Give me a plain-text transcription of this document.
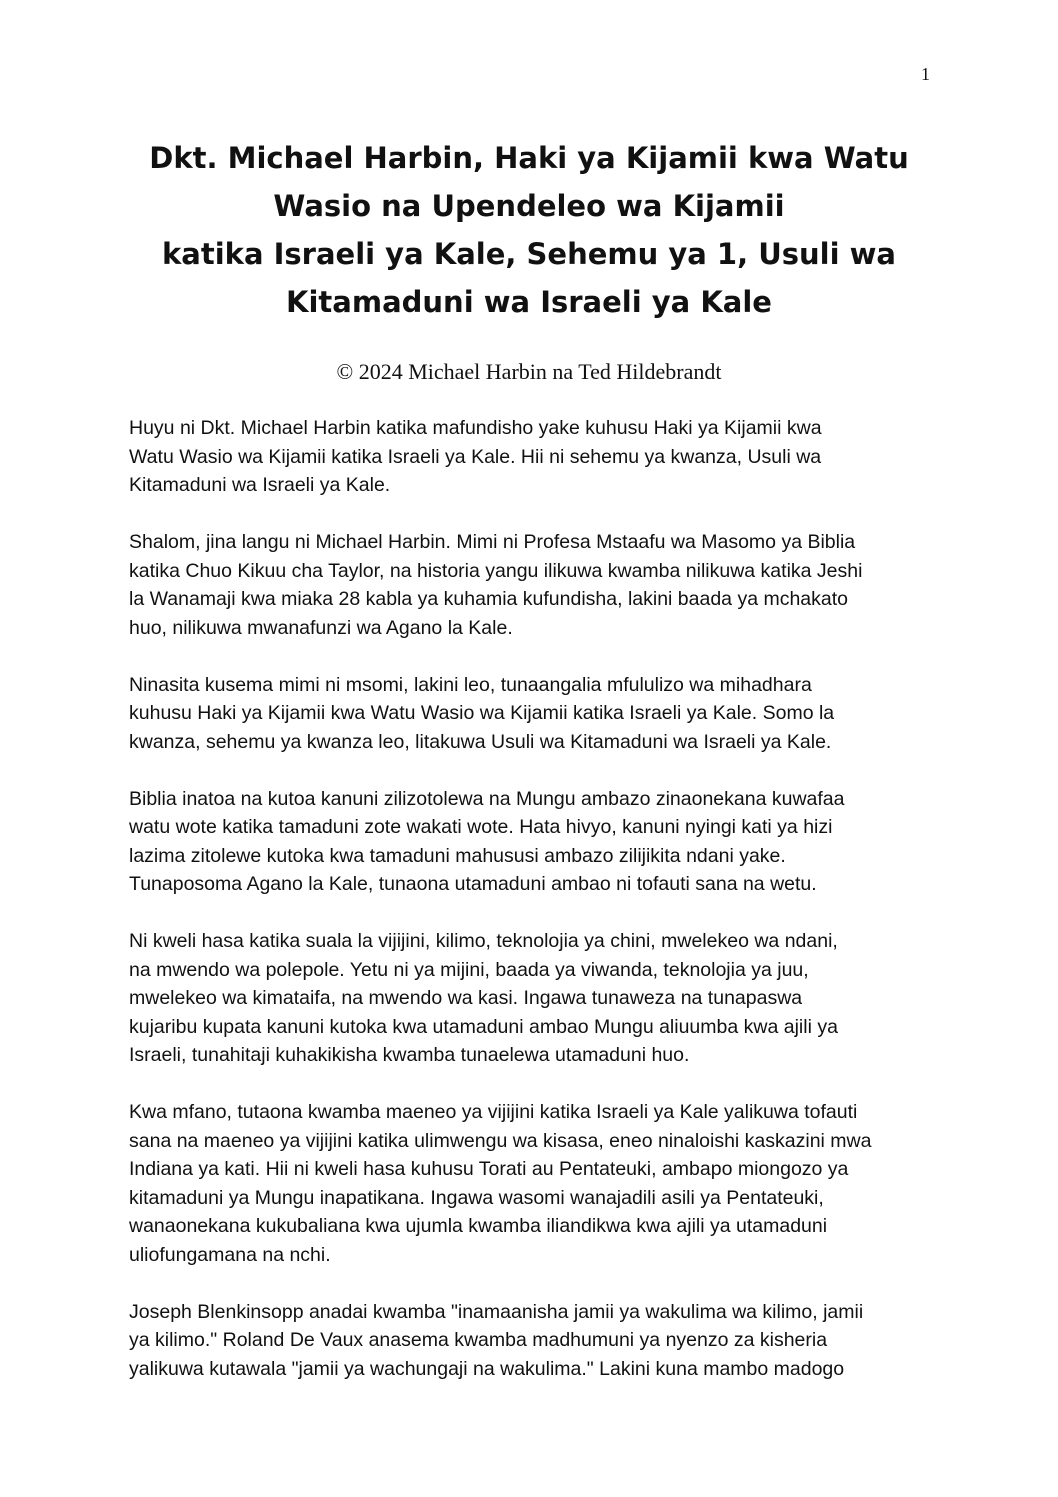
1
Dkt. Michael Harbin, Haki ya Kijamii kwa Watu
Wasio na Upendeleo wa Kijamii
katika Israeli ya Kale, Sehemu ya 1, Usuli wa
Kitamaduni wa Israeli ya Kale
© 2024 Michael Harbin na Ted Hildebrandt

Huyu ni Dkt. Michael Harbin katika mafundisho yake kuhusu Haki ya Kijamii kwa
Watu Wasio wa Kijamii katika Israeli ya Kale. Hii ni sehemu ya kwanza, Usuli wa
Kitamaduni wa Israeli ya Kale.

Shalom, jina langu ni Michael Harbin. Mimi ni Profesa Mstaafu wa Masomo ya Biblia
katika Chuo Kikuu cha Taylor, na historia yangu ilikuwa kwamba nilikuwa katika Jeshi
la Wanamaji kwa miaka 28 kabla ya kuhamia kufundisha, lakini baada ya mchakato
huo, nilikuwa mwanafunzi wa Agano la Kale.

Ninasita kusema mimi ni msomi, lakini leo, tunaangalia mfululizo wa mihadhara
kuhusu Haki ya Kijamii kwa Watu Wasio wa Kijamii katika Israeli ya Kale. Somo la
kwanza, sehemu ya kwanza leo, litakuwa Usuli wa Kitamaduni wa Israeli ya Kale.

Biblia inatoa na kutoa kanuni zilizotolewa na Mungu ambazo zinaonekana kuwafaa
watu wote katika tamaduni zote wakati wote. Hata hivyo, kanuni nyingi kati ya hizi
lazima zitolewe kutoka kwa tamaduni mahususi ambazo zilijikita ndani yake.
Tunaposoma Agano la Kale, tunaona utamaduni ambao ni tofauti sana na wetu.

Ni kweli hasa katika suala la vijijini, kilimo, teknolojia ya chini, mwelekeo wa ndani,
na mwendo wa polepole. Yetu ni ya mijini, baada ya viwanda, teknolojia ya juu,
mwelekeo wa kimataifa, na mwendo wa kasi. Ingawa tunaweza na tunapaswa
kujaribu kupata kanuni kutoka kwa utamaduni ambao Mungu aliuumba kwa ajili ya
Israeli, tunahitaji kuhakikisha kwamba tunaelewa utamaduni huo.

Kwa mfano, tutaona kwamba maeneo ya vijijini katika Israeli ya Kale yalikuwa tofauti
sana na maeneo ya vijijini katika ulimwengu wa kisasa, eneo ninaloishi kaskazini mwa
Indiana ya kati. Hii ni kweli hasa kuhusu Torati au Pentateuki, ambapo miongozo ya
kitamaduni ya Mungu inapatikana. Ingawa wasomi wanajadili asili ya Pentateuki,
wanaonekana kukubaliana kwa ujumla kwamba iliandikwa kwa ajili ya utamaduni
uliofungamana na nchi.

Joseph Blenkinsopp anadai kwamba "inamaanisha jamii ya wakulima wa kilimo, jamii
ya kilimo." Roland De Vaux anasema kwamba madhumuni ya nyenzo za kisheria
yalikuwa kutawala "jamii ya wachungaji na wakulima." Lakini kuna mambo madogo
